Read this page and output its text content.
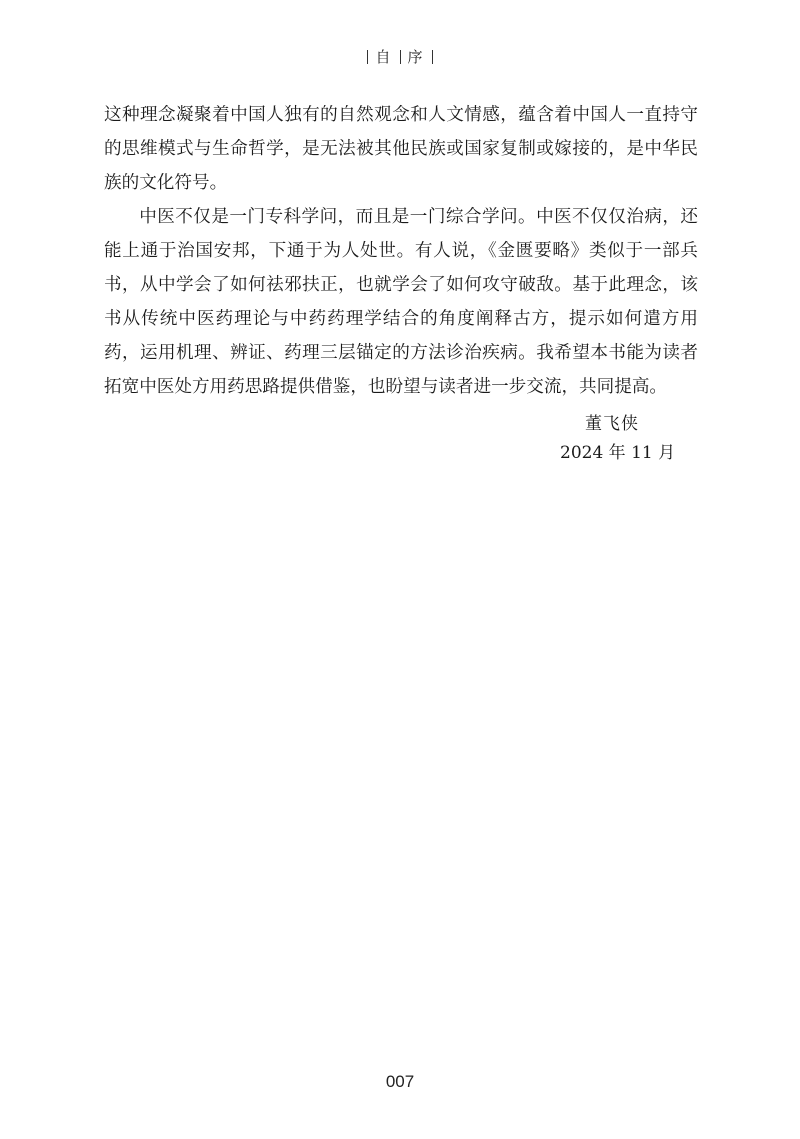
自 序

这种理念凝聚着中国人独有的自然观念和人文情感，蕴含着中国人一直持守的思维模式与生命哲学，是无法被其他民族或国家复制或嫁接的，是中华民族的文化符号。

中医不仅是一门专科学问，而且是一门综合学问。中医不仅仅治病，还能上通于治国安邦，下通于为人处世。有人说，《金匮要略》类似于一部兵书，从中学会了如何祛邪扶正，也就学会了如何攻守破敌。基于此理念，该书从传统中医药理论与中药药理学结合的角度阐释古方，提示如何遣方用药，运用机理、辨证、药理三层锚定的方法诊治疾病。我希望本书能为读者拓宽中医处方用药思路提供借鉴，也盼望与读者进一步交流，共同提高。

董飞侠
2024 年 11 月
007
